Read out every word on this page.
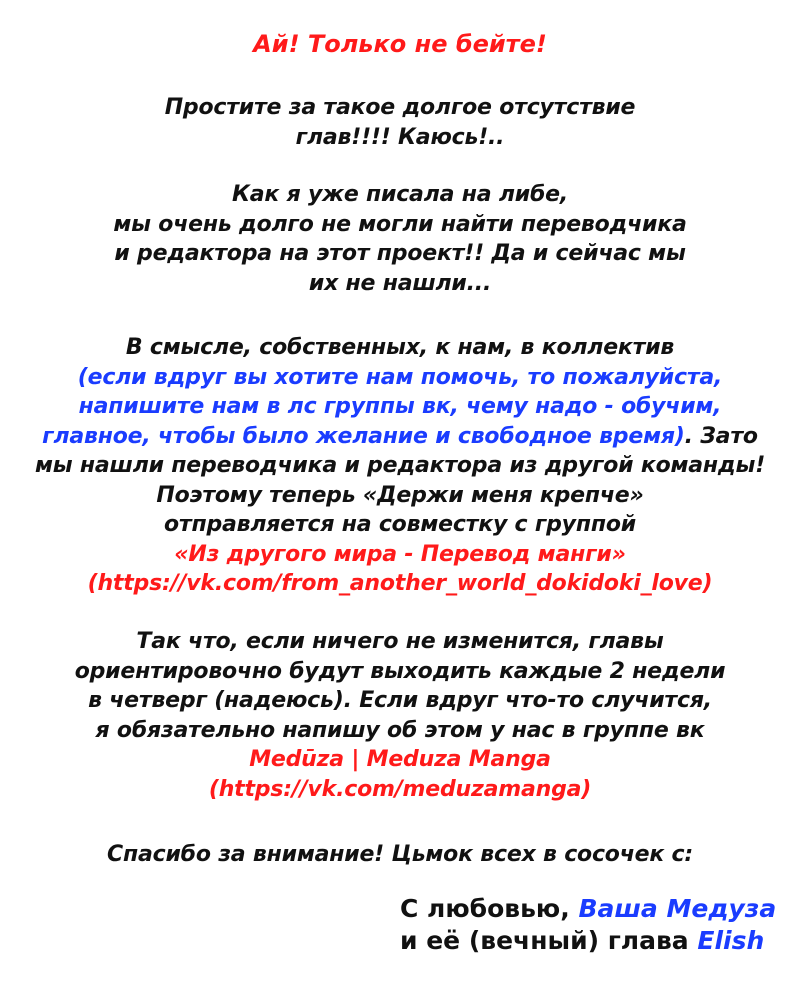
Ай! Только не бейте!
Простите за такое долгое отсутствие
глав!!!! Каюсь!..
Как я уже писала на либе,
мы очень долго не могли найти переводчика
и редактора на этот проект!! Да и сейчас мы
их не нашли...
В смысле, собственных, к нам, в коллектив
(если вдруг вы хотите нам помочь, то пожалуйста,
напишите нам в лс группы вк, чему надо - обучим,
главное, чтобы было желание и свободное время). Зато
мы нашли переводчика и редактора из другой команды!
Поэтому теперь «Держи меня крепче»
отправляется на совместку с группой
«Из другого мира - Перевод манги»
(https://vk.com/from_another_world_dokidoki_love)
Так что, если ничего не изменится, главы
ориентировочно будут выходить каждые 2 недели
в четверг (надеюсь). Если вдруг что-то случится,
я обязательно напишу об этом у нас в группе вк
Medūza | Meduza Manga
(https://vk.com/meduzamanga)
Спасибо за внимание! Цьмок всех в сосочек с:
С любовью, Ваша Медуза
и её (вечный) глава Elish
